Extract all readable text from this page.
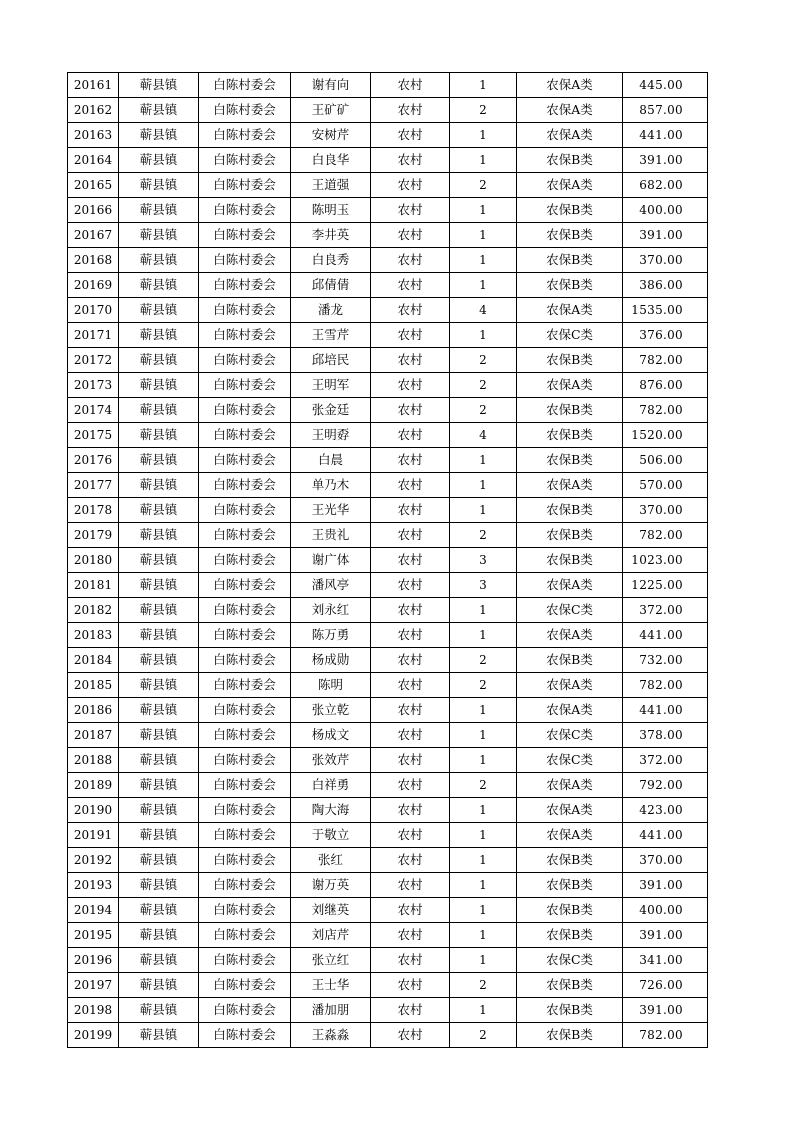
20161	蕲县镇	白陈村委会	谢有向	农村	1	农保A类	445.00
20162	蕲县镇	白陈村委会	王矿矿	农村	2	农保A类	857.00
20163	蕲县镇	白陈村委会	安树芹	农村	1	农保A类	441.00
20164	蕲县镇	白陈村委会	白良华	农村	1	农保B类	391.00
20165	蕲县镇	白陈村委会	王道强	农村	2	农保A类	682.00
20166	蕲县镇	白陈村委会	陈明玉	农村	1	农保B类	400.00
20167	蕲县镇	白陈村委会	李井英	农村	1	农保B类	391.00
20168	蕲县镇	白陈村委会	白良秀	农村	1	农保B类	370.00
20169	蕲县镇	白陈村委会	邱倩倩	农村	1	农保B类	386.00
20170	蕲县镇	白陈村委会	潘龙	农村	4	农保A类	1535.00
20171	蕲县镇	白陈村委会	王雪芹	农村	1	农保C类	376.00
20172	蕲县镇	白陈村委会	邱培民	农村	2	农保B类	782.00
20173	蕲县镇	白陈村委会	王明军	农村	2	农保A类	876.00
20174	蕲县镇	白陈村委会	张金廷	农村	2	农保B类	782.00
20175	蕲县镇	白陈村委会	王明孬	农村	4	农保B类	1520.00
20176	蕲县镇	白陈村委会	白晨	农村	1	农保B类	506.00
20177	蕲县镇	白陈村委会	单乃木	农村	1	农保A类	570.00
20178	蕲县镇	白陈村委会	王光华	农村	1	农保B类	370.00
20179	蕲县镇	白陈村委会	王贵礼	农村	2	农保B类	782.00
20180	蕲县镇	白陈村委会	谢广体	农村	3	农保B类	1023.00
20181	蕲县镇	白陈村委会	潘风亭	农村	3	农保A类	1225.00
20182	蕲县镇	白陈村委会	刘永红	农村	1	农保C类	372.00
20183	蕲县镇	白陈村委会	陈万勇	农村	1	农保A类	441.00
20184	蕲县镇	白陈村委会	杨成勋	农村	2	农保B类	732.00
20185	蕲县镇	白陈村委会	陈明	农村	2	农保A类	782.00
20186	蕲县镇	白陈村委会	张立乾	农村	1	农保A类	441.00
20187	蕲县镇	白陈村委会	杨成文	农村	1	农保C类	378.00
20188	蕲县镇	白陈村委会	张效芹	农村	1	农保C类	372.00
20189	蕲县镇	白陈村委会	白祥勇	农村	2	农保A类	792.00
20190	蕲县镇	白陈村委会	陶大海	农村	1	农保A类	423.00
20191	蕲县镇	白陈村委会	于敬立	农村	1	农保A类	441.00
20192	蕲县镇	白陈村委会	张红	农村	1	农保B类	370.00
20193	蕲县镇	白陈村委会	谢万英	农村	1	农保B类	391.00
20194	蕲县镇	白陈村委会	刘继英	农村	1	农保B类	400.00
20195	蕲县镇	白陈村委会	刘店芹	农村	1	农保B类	391.00
20196	蕲县镇	白陈村委会	张立红	农村	1	农保C类	341.00
20197	蕲县镇	白陈村委会	王士华	农村	2	农保B类	726.00
20198	蕲县镇	白陈村委会	潘加朋	农村	1	农保B类	391.00
20199	蕲县镇	白陈村委会	王淼淼	农村	2	农保B类	782.00
